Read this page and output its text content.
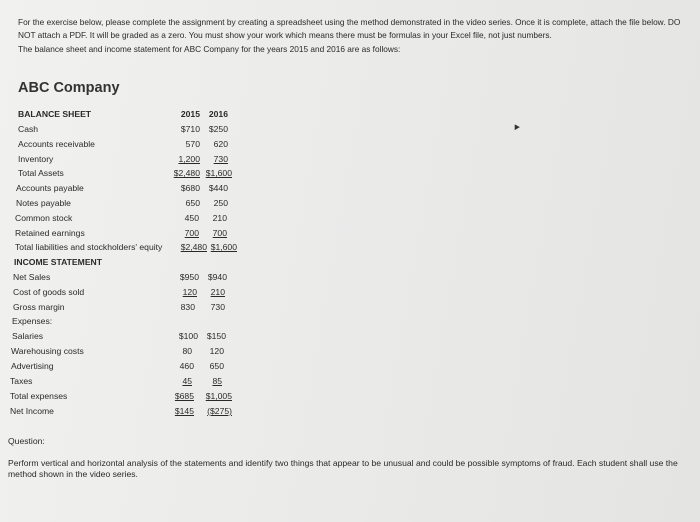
For the exercise below, please complete the assignment by creating a spreadsheet using the method demonstrated in the video series. Once it is complete, attach the file below. DO NOT attach a PDF. It will be graded as a zero. You must show your work which means there must be formulas in your Excel file, not just numbers.

The balance sheet and income statement for ABC Company for the years 2015 and 2016 are as follows:

ABC Company
BALANCE SHEET	2015	2016
Cash	$710	$250
Accounts receivable	570	620
Inventory	1,200	730
Total Assets	$2,480 $1,600
Accounts payable	$680	$440
Notes payable	650	250
Common stock	450	210
Retained earnings	700	700
Total liabilities and stockholders' equity	$2,480 $1,600
INCOME STATEMENT
Net Sales	$950	$940
Cost of goods sold	120	210
Gross margin	830	730
Expenses:
Salaries	$100	$150
Warehousing costs	80	120
Advertising	460	650
Taxes	45	85
Total expenses	$685	$1,005
Net Income	$145	($275)
Question:
Perform vertical and horizontal analysis of the statements and identify two things that appear to be unusual and could be possible symptoms of fraud. Each student shall use the method shown in the video series.
